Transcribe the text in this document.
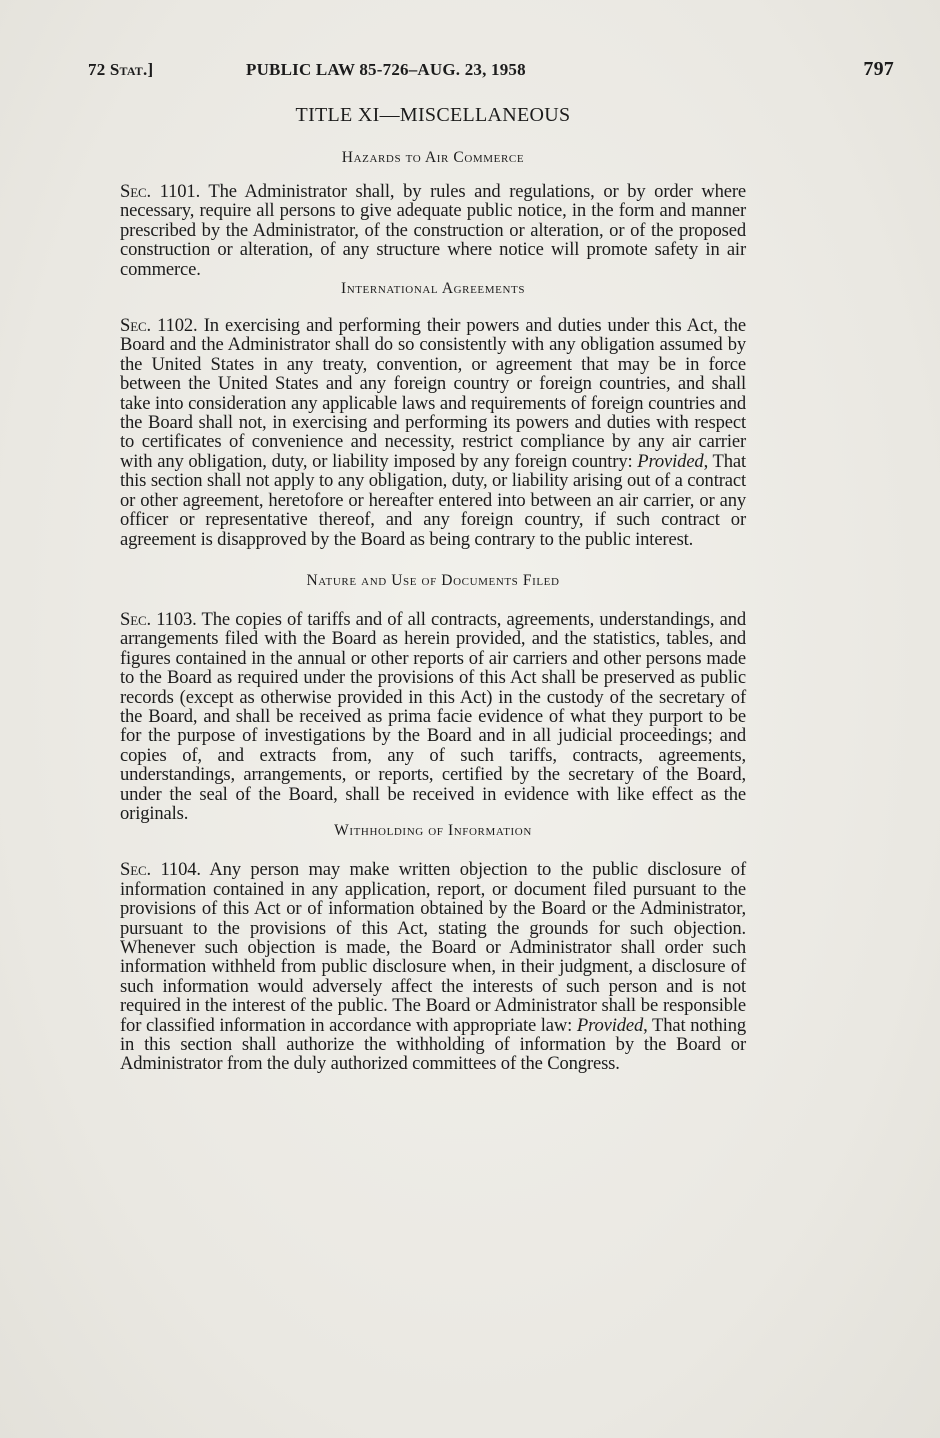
72 Stat.]	PUBLIC LAW 85-726–AUG. 23, 1958	797
TITLE XI—MISCELLANEOUS
Hazards to Air Commerce

Sec. 1101. The Administrator shall, by rules and regulations, or by order where necessary, require all persons to give adequate public notice, in the form and manner prescribed by the Administrator, of the construction or alteration, or of the proposed construction or alteration, of any structure where notice will promote safety in air commerce.

International Agreements

Sec. 1102. In exercising and performing their powers and duties under this Act, the Board and the Administrator shall do so consistently with any obligation assumed by the United States in any treaty, convention, or agreement that may be in force between the United States and any foreign country or foreign countries, and shall take into consideration any applicable laws and requirements of foreign countries and the Board shall not, in exercising and performing its powers and duties with respect to certificates of convenience and necessity, restrict compliance by any air carrier with any obligation, duty, or liability imposed by any foreign country: Provided, That this section shall not apply to any obligation, duty, or liability arising out of a contract or other agreement, heretofore or hereafter entered into between an air carrier, or any officer or representative thereof, and any foreign country, if such contract or agreement is disapproved by the Board as being contrary to the public interest.

Nature and Use of Documents Filed

Sec. 1103. The copies of tariffs and of all contracts, agreements, understandings, and arrangements filed with the Board as herein provided, and the statistics, tables, and figures contained in the annual or other reports of air carriers and other persons made to the Board as required under the provisions of this Act shall be preserved as public records (except as otherwise provided in this Act) in the custody of the secretary of the Board, and shall be received as prima facie evidence of what they purport to be for the purpose of investigations by the Board and in all judicial proceedings; and copies of, and extracts from, any of such tariffs, contracts, agreements, understandings, arrangements, or reports, certified by the secretary of the Board, under the seal of the Board, shall be received in evidence with like effect as the originals.

Withholding of Information

Sec. 1104. Any person may make written objection to the public disclosure of information contained in any application, report, or document filed pursuant to the provisions of this Act or of information obtained by the Board or the Administrator, pursuant to the provisions of this Act, stating the grounds for such objection. Whenever such objection is made, the Board or Administrator shall order such information withheld from public disclosure when, in their judgment, a disclosure of such information would adversely affect the interests of such person and is not required in the interest of the public. The Board or Administrator shall be responsible for classified information in accordance with appropriate law: Provided, That nothing in this section shall authorize the withholding of information by the Board or Administrator from the duly authorized committees of the Congress.
